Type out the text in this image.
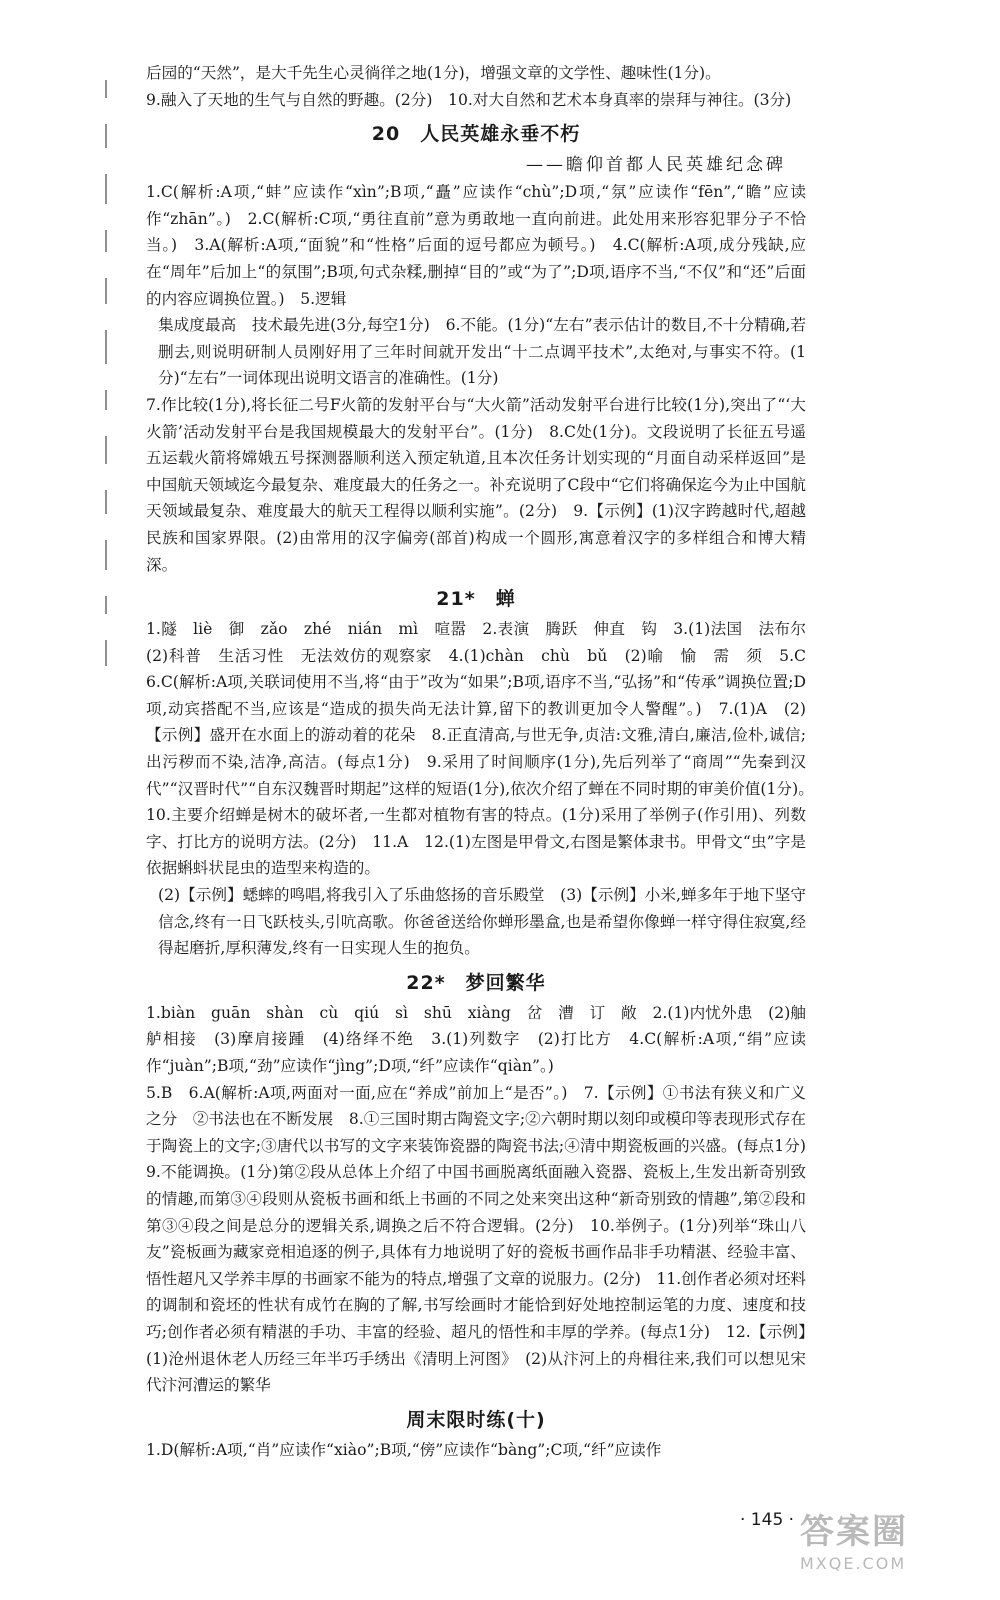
后园的“天然”，是大千先生心灵徜徉之地(1分)，增强文章的文学性、趣味性(1分)。

9.融入了天地的生气与自然的野趣。(2分)　10.对大自然和艺术本身真率的崇拜与神往。(3分)

20　人民英雄永垂不朽
——瞻仰首都人民英雄纪念碑

1.C(解析:A项,“蚌”应读作“xìn”;B项,“矗”应读作“chù”;D项,“氛”应读作“fēn”,“瞻”应读作“zhān”。)　2.C(解析:C项,“勇往直前”意为勇敢地一直向前进。此处用来形容犯罪分子不恰当。)　3.A(解析:A项,“面貌”和“性格”后面的逗号都应为顿号。)　4.C(解析:A项,成分残缺,应在“周年”后加上“的氛围”;B项,句式杂糅,删掉“目的”或“为了”;D项,语序不当,“不仅”和“还”后面的内容应调换位置。)　5.逻辑

集成度最高　技术最先进(3分,每空1分)　6.不能。(1分)“左右”表示估计的数目,不十分精确,若删去,则说明研制人员刚好用了三年时间就开发出“十二点调平技术”,太绝对,与事实不符。(1分)“左右”一词体现出说明文语言的准确性。(1分)

7.作比较(1分),将长征二号F火箭的发射平台与“大火箭”活动发射平台进行比较(1分),突出了“‘大火箭’活动发射平台是我国规模最大的发射平台”。(1分)　8.C处(1分)。文段说明了长征五号遥五运载火箭将嫦娥五号探测器顺利送入预定轨道,且本次任务计划实现的“月面自动采样返回”是中国航天领域迄今最复杂、难度最大的任务之一。补充说明了C段中“它们将确保迄今为止中国航天领域最复杂、难度最大的航天工程得以顺利实施”。(2分)　9.【示例】(1)汉字跨越时代,超越民族和国家界限。(2)由常用的汉字偏旁(部首)构成一个圆形,寓意着汉字的多样组合和博大精深。

21*　蝉

1.隧　liè　御　zǎo　zhé　nián　mì　喧嚣　2.表演　腾跃　伸直　钩　3.(1)法国　法布尔　(2)科普　生活习性　无法效仿的观察家　4.(1)chàn　chù　bǔ　(2)喻　愉　需　须　5.C　6.C(解析:A项,关联词使用不当,将“由于”改为“如果”;B项,语序不当,“弘扬”和“传承”调换位置;D项,动宾搭配不当,应该是“造成的损失尚无法计算,留下的教训更加令人警醒”。)　7.(1)A　(2)【示例】盛开在水面上的游动着的花朵　8.正直清高,与世无争,贞洁:文雅,清白,廉洁,俭朴,诚信;出污秽而不染,洁净,高洁。(每点1分)　9.采用了时间顺序(1分),先后列举了“商周”“先秦到汉代”“汉晋时代”“自东汉魏晋时期起”这样的短语(1分),依次介绍了蝉在不同时期的审美价值(1分)。　10.主要介绍蝉是树木的破坏者,一生都对植物有害的特点。(1分)采用了举例子(作引用)、列数字、打比方的说明方法。(2分)　11.A　12.(1)左图是甲骨文,右图是繁体隶书。甲骨文“虫”字是依据蝌蚪状昆虫的造型来构造的。

(2)【示例】蟋蟀的鸣唱,将我引入了乐曲悠扬的音乐殿堂　(3)【示例】小米,蝉多年于地下坚守信念,终有一日飞跃枝头,引吭高歌。你爸爸送给你蝉形墨盒,也是希望你像蝉一样守得住寂寞,经得起磨折,厚积薄发,终有一日实现人生的抱负。

22*　梦回繁华

1.biàn　guān　shàn　cù　qiú　sì　shū　xiàng　岔　漕　订　敞　2.(1)内忧外患　(2)舳舻相接　(3)摩肩接踵　(4)络绎不绝　3.(1)列数字　(2)打比方　4.C(解析:A项,“绢”应读作“juàn”;B项,“劲”应读作“jìng”;D项,“纤”应读作“qiàn”。)

5.B　6.A(解析:A项,两面对一面,应在“养成”前加上“是否”。)　7.【示例】①书法有狭义和广义之分　②书法也在不断发展　8.①三国时期古陶瓷文字;②六朝时期以刻印或模印等表现形式存在于陶瓷上的文字;③唐代以书写的文字来装饰瓷器的陶瓷书法;④清中期瓷板画的兴盛。(每点1分)　9.不能调换。(1分)第②段从总体上介绍了中国书画脱离纸面融入瓷器、瓷板上,生发出新奇别致的情趣,而第③④段则从瓷板书画和纸上书画的不同之处来突出这种“新奇别致的情趣”,第②段和第③④段之间是总分的逻辑关系,调换之后不符合逻辑。(2分)　10.举例子。(1分)列举“珠山八友”瓷板画为藏家竞相追逐的例子,具体有力地说明了好的瓷板书画作品非手功精湛、经验丰富、悟性超凡又学养丰厚的书画家不能为的特点,增强了文章的说服力。(2分)　11.创作者必须对坯料的调制和瓷坯的性状有成竹在胸的了解,书写绘画时才能恰到好处地控制运笔的力度、速度和技巧;创作者必须有精湛的手功、丰富的经验、超凡的悟性和丰厚的学养。(每点1分)　12.【示例】(1)沧州退休老人历经三年半巧手绣出《清明上河图》　(2)从汴河上的舟楫往来,我们可以想见宋代汴河漕运的繁华

周末限时练(十)

1.D(解析:A项,“肖”应读作“xiào”;B项,“傍”应读作“bàng”;C项,“纤”应读作

· 145 · 答案圈
MXQE.COM
